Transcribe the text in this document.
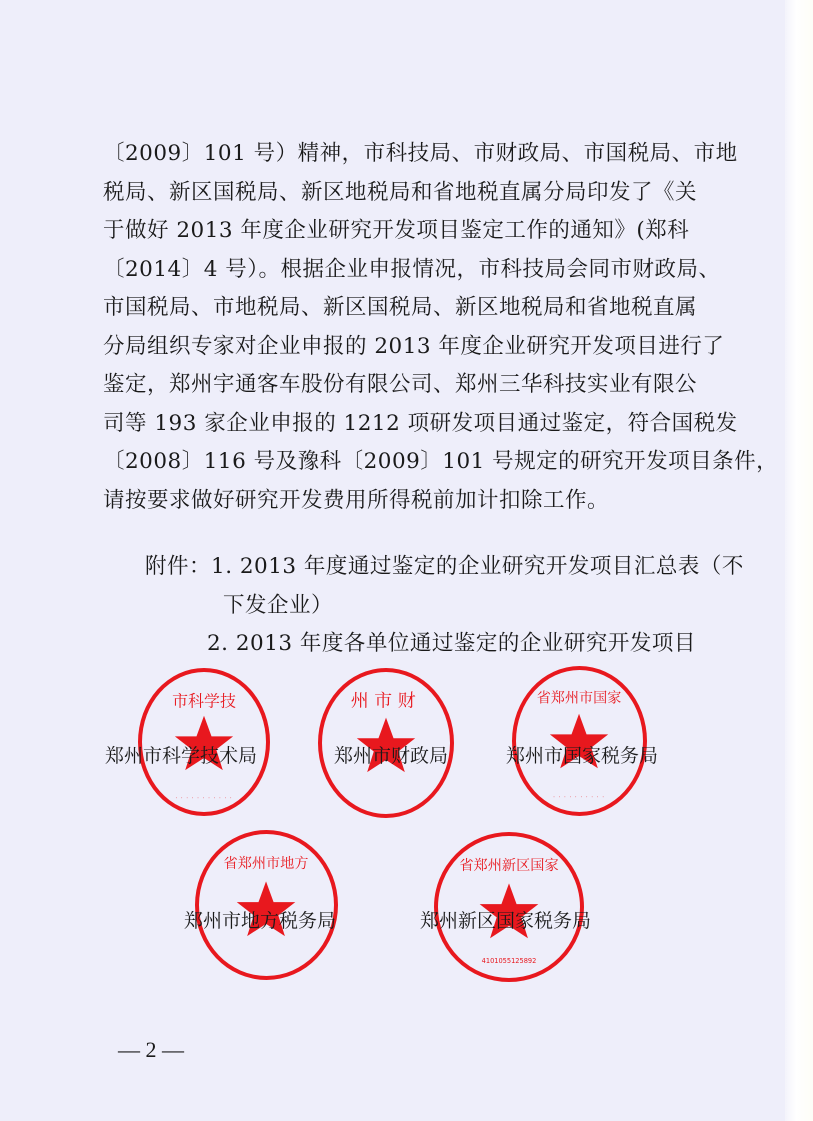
〔2009〕101 号）精神，市科技局、市财政局、市国税局、市地

税局、新区国税局、新区地税局和省地税直属分局印发了《关

于做好 2013 年度企业研究开发项目鉴定工作的通知》(郑科

〔2014〕4 号）。根据企业申报情况，市科技局会同市财政局、

市国税局、市地税局、新区国税局、新区地税局和省地税直属

分局组织专家对企业申报的 2013 年度企业研究开发项目进行了

鉴定，郑州宇通客车股份有限公司、郑州三华科技实业有限公

司等 193 家企业申报的 1212 项研发项目通过鉴定，符合国税发

〔2008〕116 号及豫科〔2009〕101 号规定的研究开发项目条件，

请按要求做好研究开发费用所得税前加计扣除工作。

附件：1. 2013 年度通过鉴定的企业研究开发项目汇总表（不

下发企业）

2. 2013 年度各单位通过鉴定的企业研究开发项目

市科学技
· · · · · · · · · · ·
郑州市科学技术局
州市财
郑州市财政局
省郑州市国家
· · · · · · · · · ·
郑州市国家税务局
省郑州市地方
郑州市地方税务局
省郑州新区国家
4101055125892
郑州新区国家税务局
— 2 —
